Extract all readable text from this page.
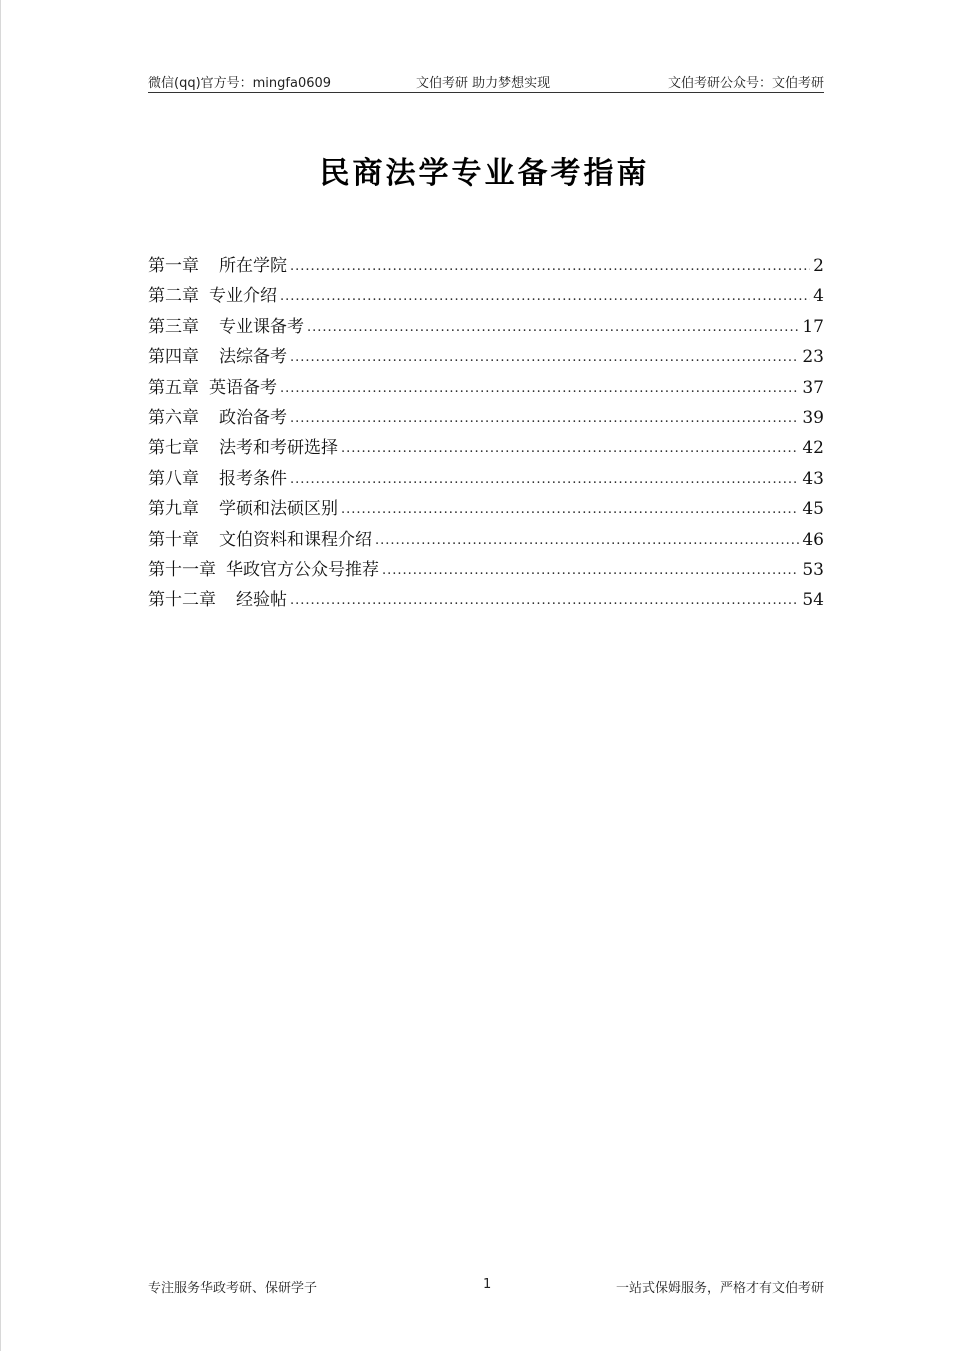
微信(qq)官方号：mingfa0609	文伯考研 助力梦想实现	文伯考研公众号：文伯考研
民商法学专业备考指南
第一章 所在学院 .....	2
第二章 专业介绍 .....	4
第三章 专业课备考 .....	17
第四章 法综备考 .....	23
第五章 英语备考 .....	37
第六章 政治备考 .....	39
第七章 法考和考研选择 .....	42
第八章 报考条件 .....	43
第九章 学硕和法硕区别 .....	45
第十章 文伯资料和课程介绍 .....	46
第十一章 华政官方公众号推荐 .....	53
第十二章 经验帖 .....	54
专注服务华政考研、保研学子	1	一站式保姆服务，严格才有文伯考研
